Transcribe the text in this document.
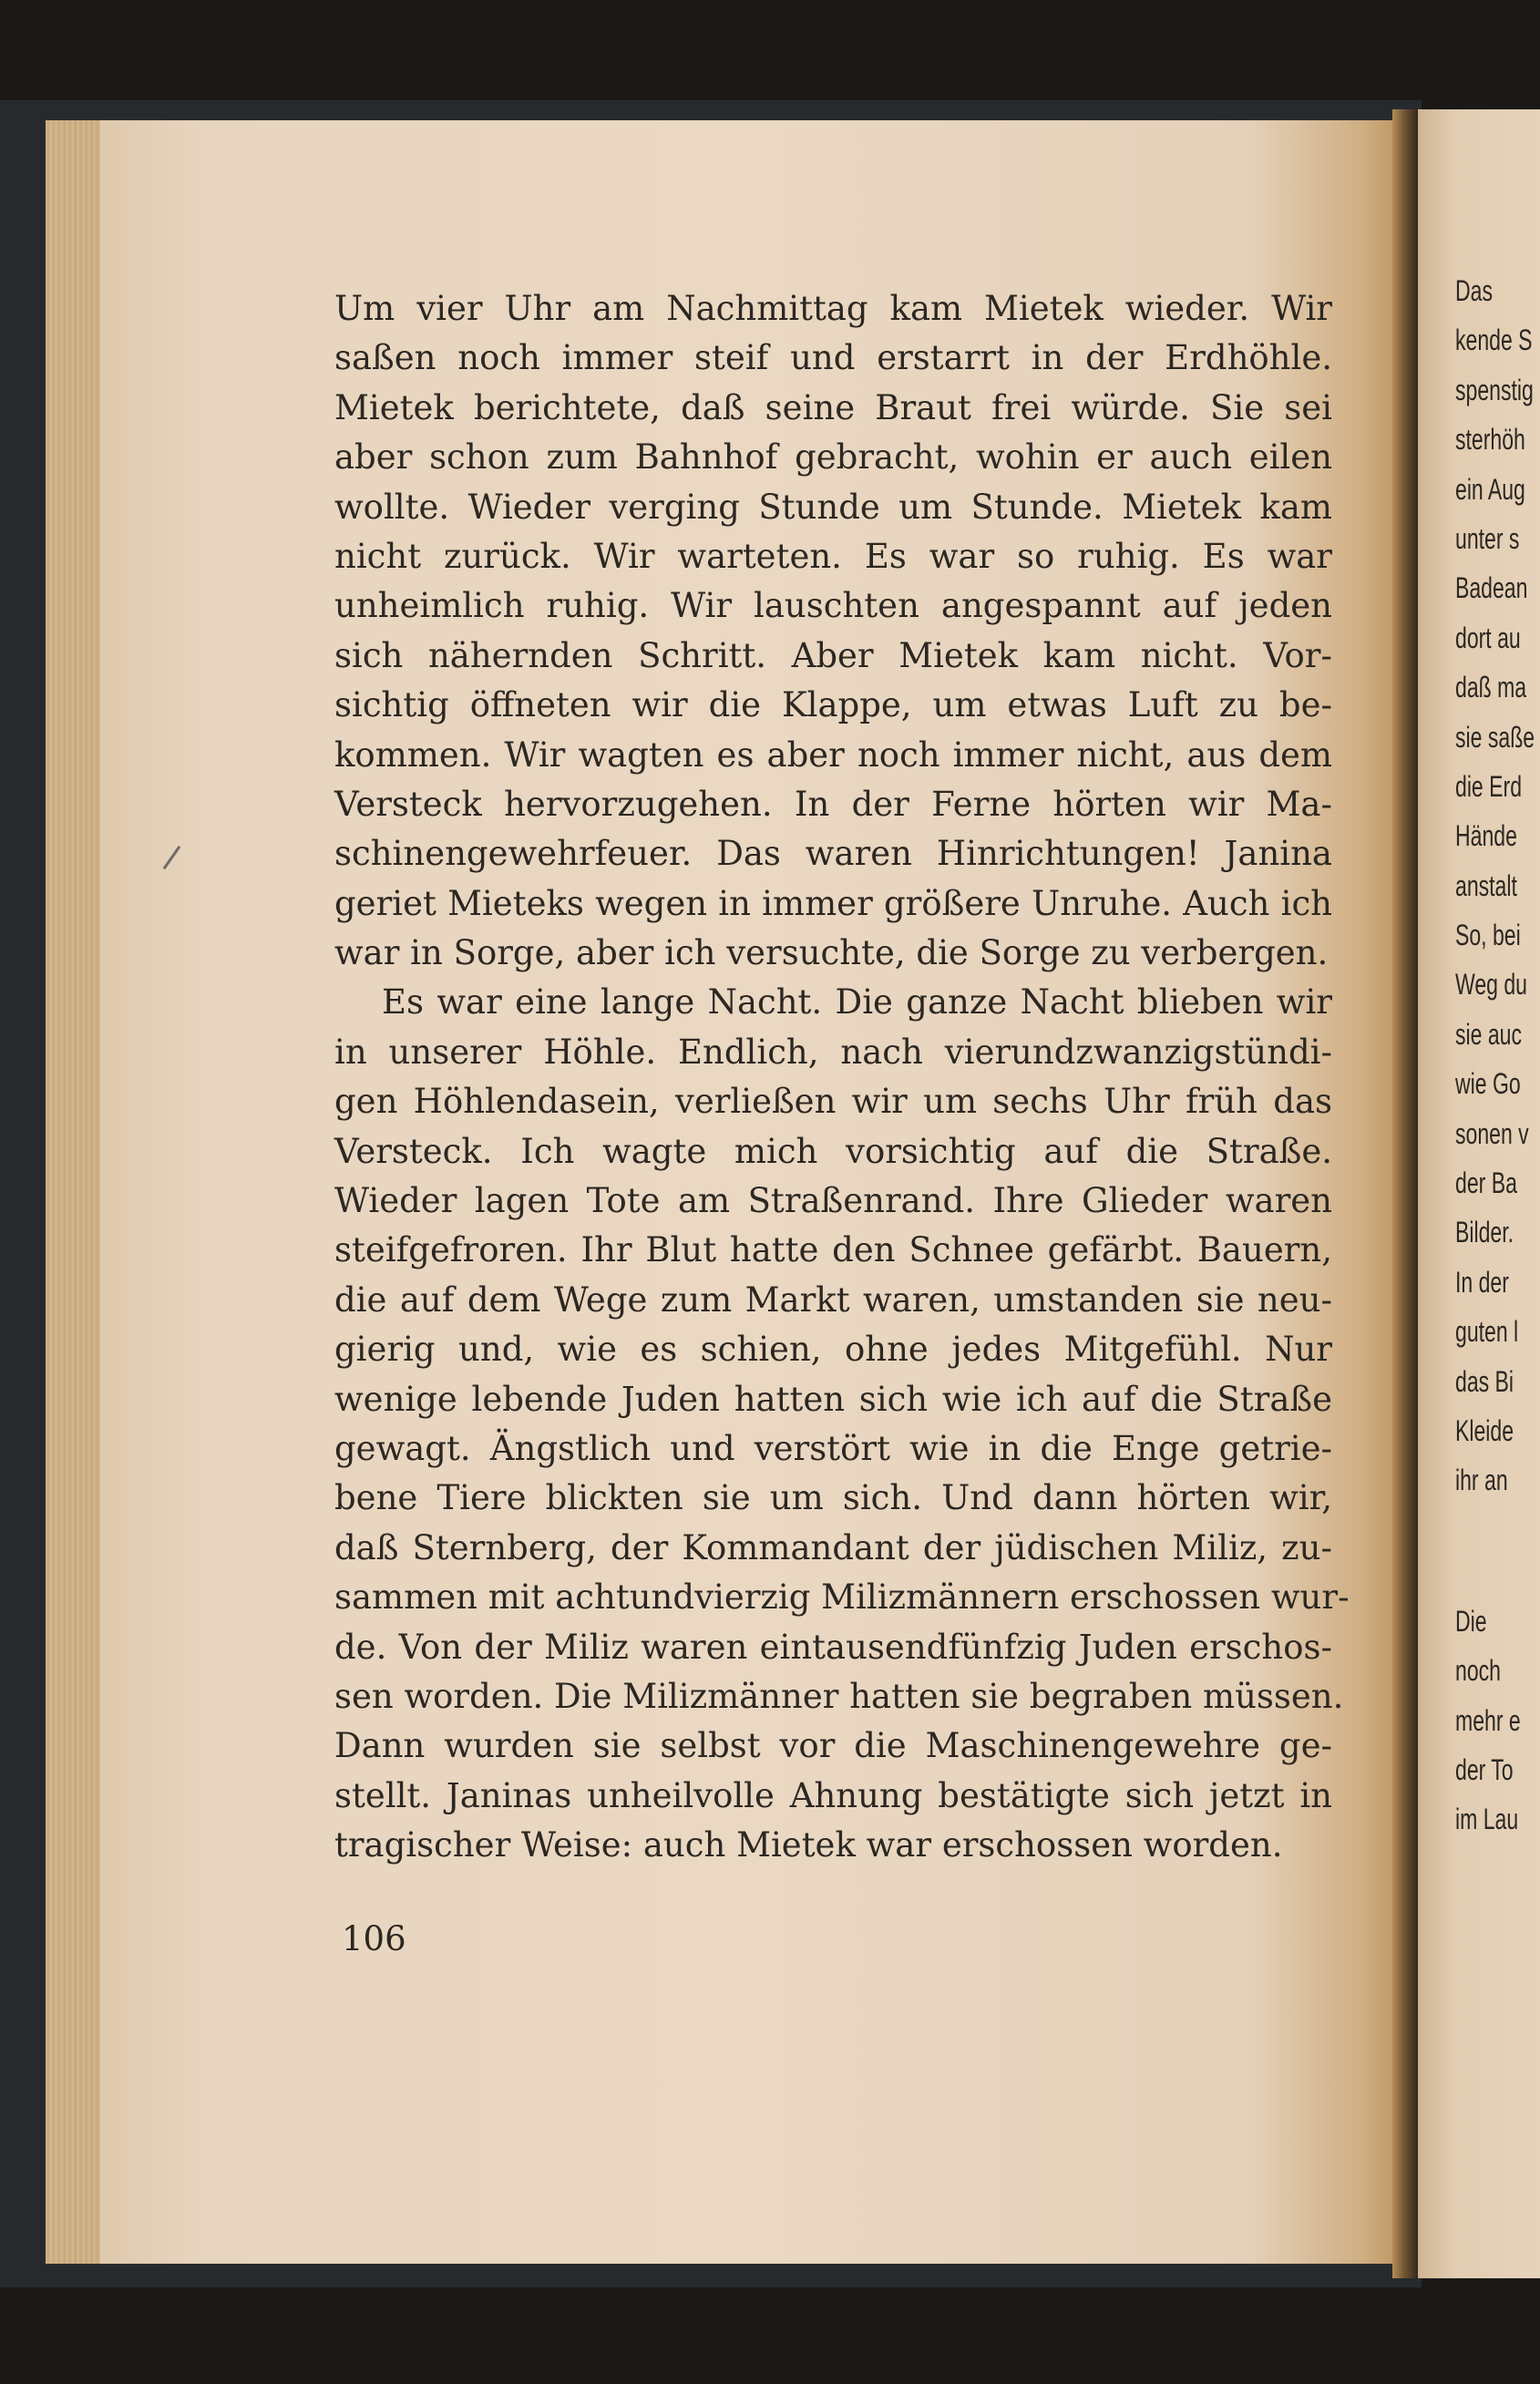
Um vier Uhr am Nachmittag kam Mietek wieder. Wir
saßen noch immer steif und erstarrt in der Erdhöhle.
Mietek berichtete, daß seine Braut frei würde. Sie sei
aber schon zum Bahnhof gebracht, wohin er auch eilen
wollte. Wieder verging Stunde um Stunde. Mietek kam
nicht zurück. Wir warteten. Es war so ruhig. Es war
unheimlich ruhig. Wir lauschten angespannt auf jeden
sich nähernden Schritt. Aber Mietek kam nicht. Vor-
sichtig öffneten wir die Klappe, um etwas Luft zu be-
kommen. Wir wagten es aber noch immer nicht, aus dem
Versteck hervorzugehen. In der Ferne hörten wir Ma-
schinengewehrfeuer. Das waren Hinrichtungen! Janina
geriet Mieteks wegen in immer größere Unruhe. Auch ich
war in Sorge, aber ich versuchte, die Sorge zu verbergen.
Es war eine lange Nacht. Die ganze Nacht blieben wir
in unserer Höhle. Endlich, nach vierundzwanzigstündi-
gen Höhlendasein, verließen wir um sechs Uhr früh das
Versteck. Ich wagte mich vorsichtig auf die Straße.
Wieder lagen Tote am Straßenrand. Ihre Glieder waren
steifgefroren. Ihr Blut hatte den Schnee gefärbt. Bauern,
die auf dem Wege zum Markt waren, umstanden sie neu-
gierig und, wie es schien, ohne jedes Mitgefühl. Nur
wenige lebende Juden hatten sich wie ich auf die Straße
gewagt. Ängstlich und verstört wie in die Enge getrie-
bene Tiere blickten sie um sich. Und dann hörten wir,
daß Sternberg, der Kommandant der jüdischen Miliz, zu-
sammen mit achtundvierzig Milizmännern erschossen wur-
de. Von der Miliz waren eintausendfünfzig Juden erschos-
sen worden. Die Milizmänner hatten sie begraben müssen.
Dann wurden sie selbst vor die Maschinengewehre ge-
stellt. Janinas unheilvolle Ahnung bestätigte sich jetzt in
tragischer Weise: auch Mietek war erschossen worden.
106
Das
kende S
spenstig
sterhöh
ein Aug
unter s
Badean
dort au
daß ma
sie saße
die Erd
Hände
anstalt
So, bei
Weg du
sie auc
wie Go
sonen v
der Ba
Bilder.
In der
guten l
das Bi
Kleide
ihr an
Die
noch
mehr e
der To
im Lau
